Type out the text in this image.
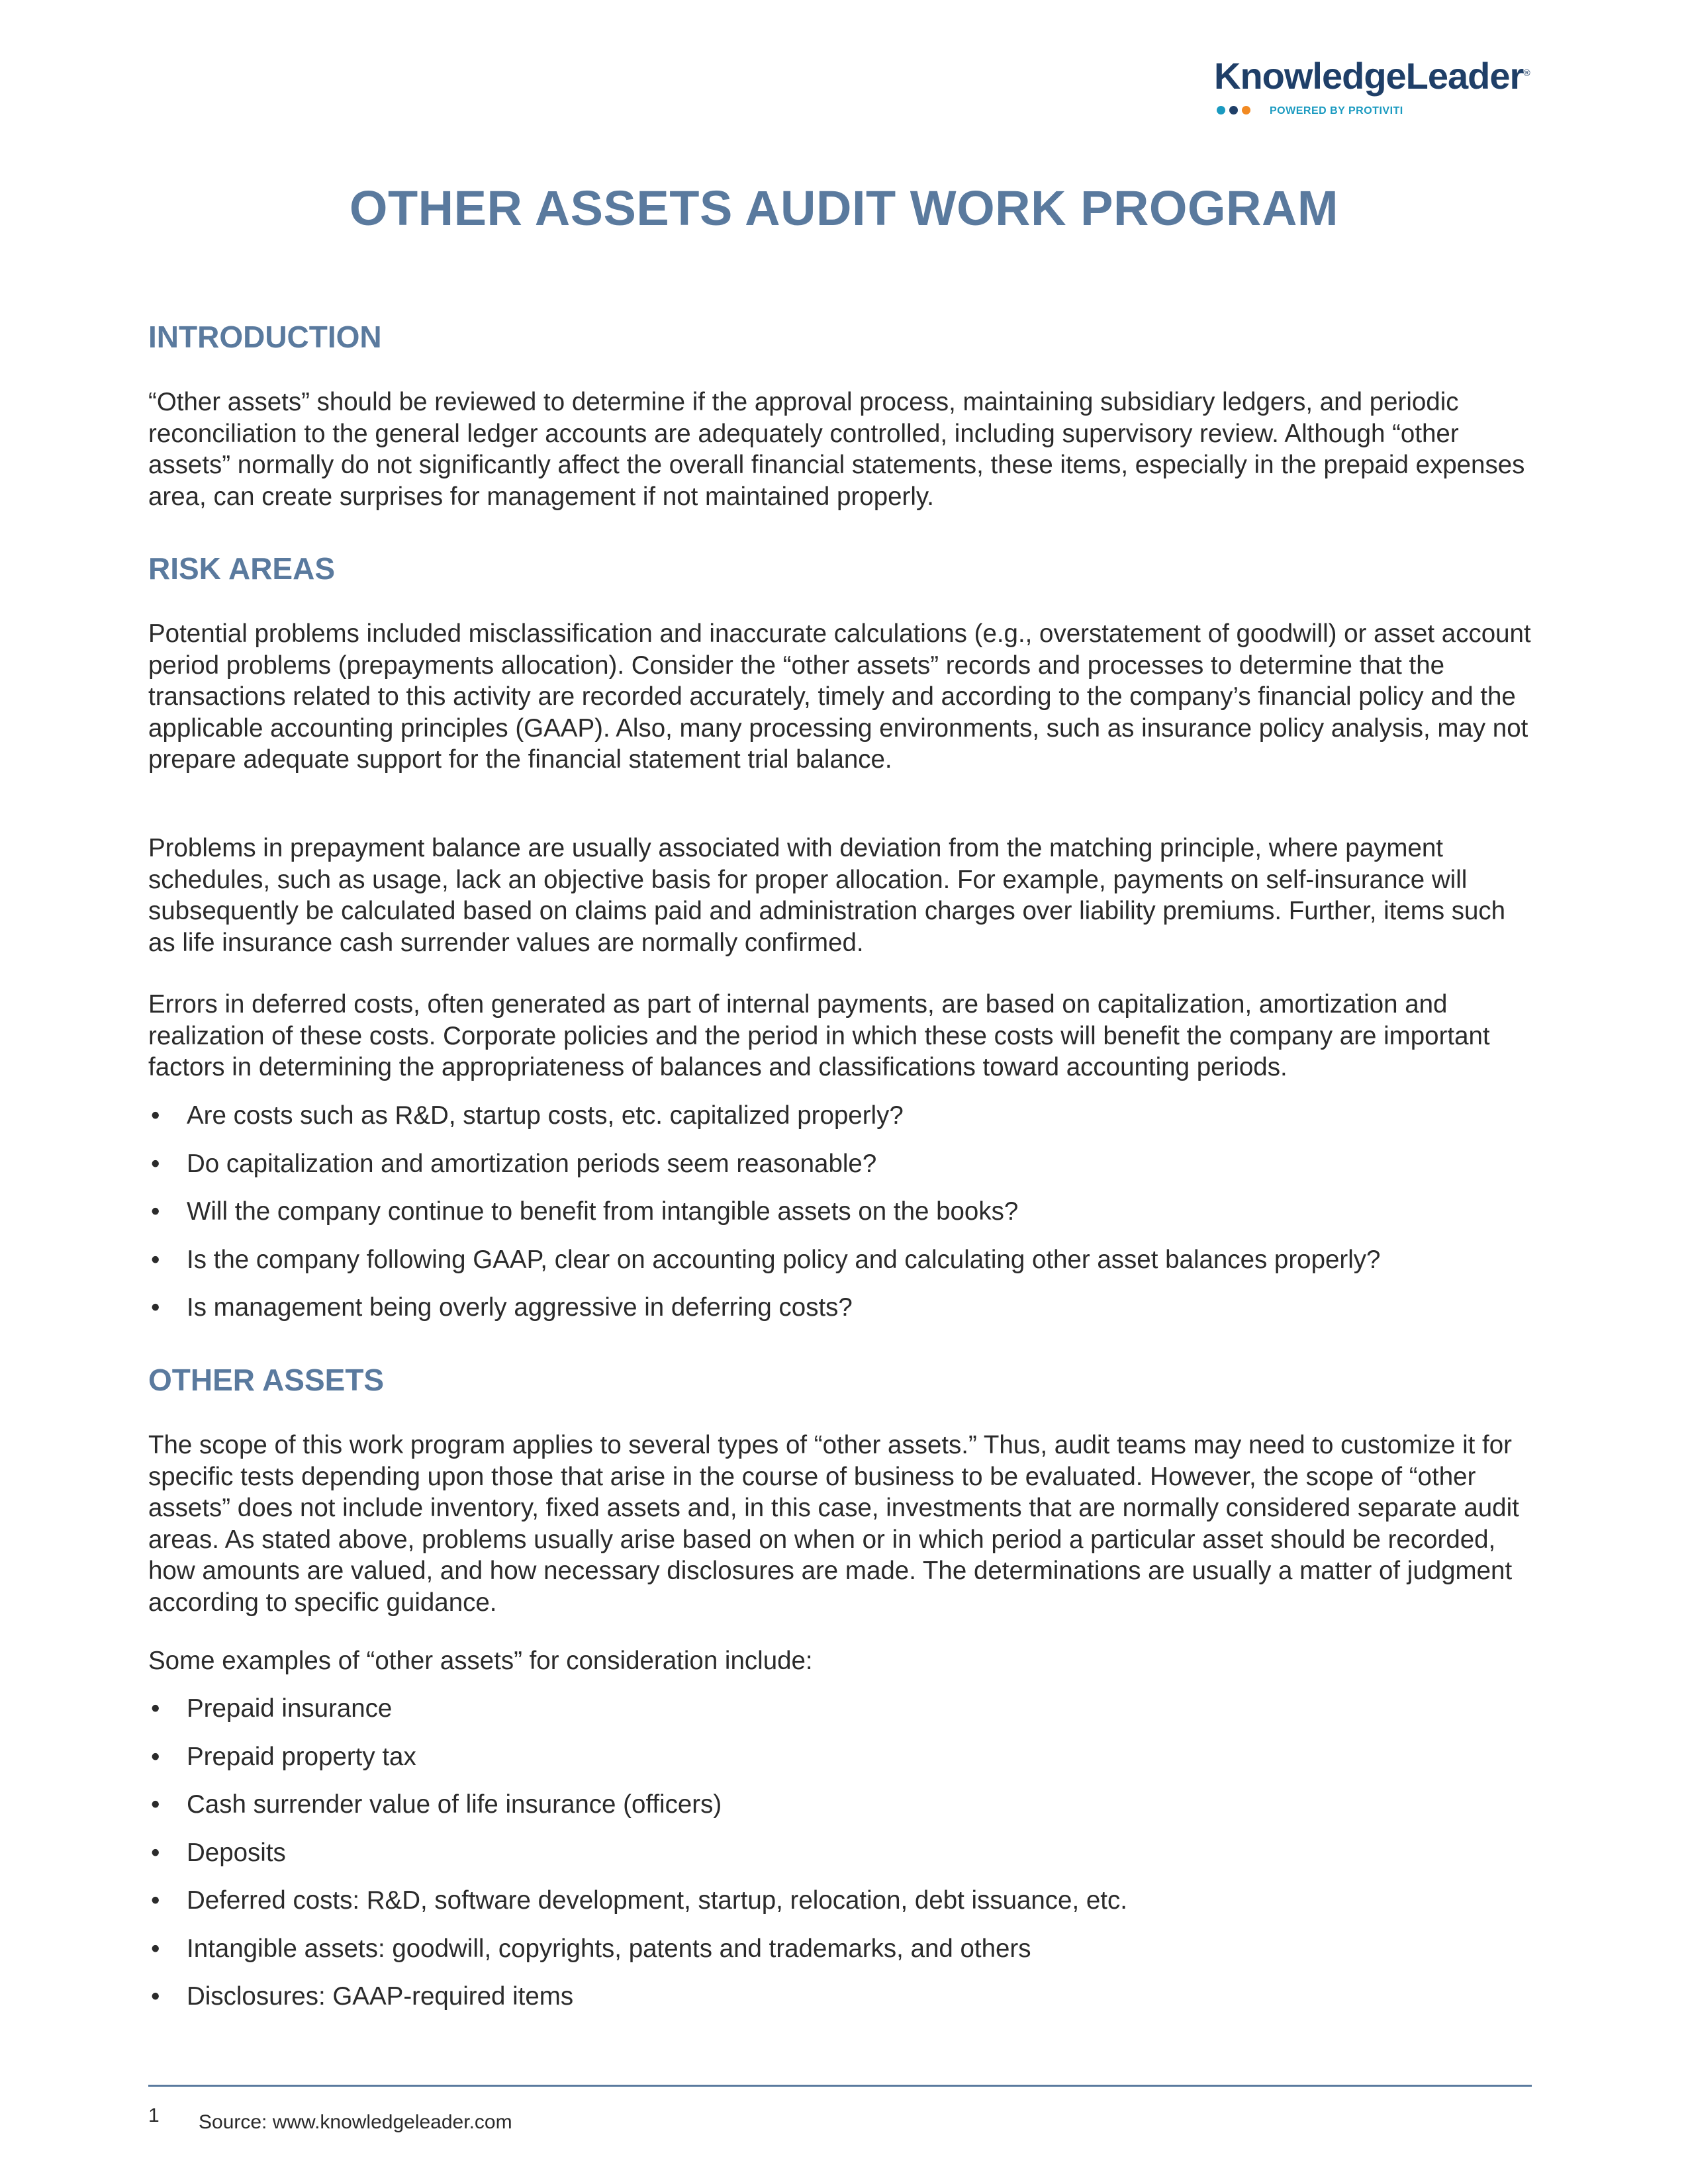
KnowledgeLeader®
POWERED BY PROTIVITI
OTHER ASSETS AUDIT WORK PROGRAM
INTRODUCTION

“Other assets” should be reviewed to determine if the approval process, maintaining subsidiary ledgers, and periodic reconciliation to the general ledger accounts are adequately controlled, including supervisory review. Although “other assets” normally do not significantly affect the overall financial statements, these items, especially in the prepaid expenses area, can create surprises for management if not maintained properly.

RISK AREAS

Potential problems included misclassification and inaccurate calculations (e.g., overstatement of goodwill) or asset account period problems (prepayments allocation). Consider the “other assets” records and processes to determine that the transactions related to this activity are recorded accurately, timely and according to the company’s financial policy and the applicable accounting principles (GAAP). Also, many processing environments, such as insurance policy analysis, may not prepare adequate support for the financial statement trial balance.

Problems in prepayment balance are usually associated with deviation from the matching principle, where payment schedules, such as usage, lack an objective basis for proper allocation. For example, payments on self-insurance will subsequently be calculated based on claims paid and administration charges over liability premiums. Further, items such as life insurance cash surrender values are normally confirmed.

Errors in deferred costs, often generated as part of internal payments, are based on capitalization, amortization and realization of these costs. Corporate policies and the period in which these costs will benefit the company are important factors in determining the appropriateness of balances and classifications toward accounting periods.

• Are costs such as R&D, startup costs, etc. capitalized properly?
• Do capitalization and amortization periods seem reasonable?
• Will the company continue to benefit from intangible assets on the books?
• Is the company following GAAP, clear on accounting policy and calculating other asset balances properly?
• Is management being overly aggressive in deferring costs?
OTHER ASSETS

The scope of this work program applies to several types of “other assets.” Thus, audit teams may need to customize it for specific tests depending upon those that arise in the course of business to be evaluated. However, the scope of “other assets” does not include inventory, fixed assets and, in this case, investments that are normally considered separate audit areas. As stated above, problems usually arise based on when or in which period a particular asset should be recorded, how amounts are valued, and how necessary disclosures are made. The determinations are usually a matter of judgment according to specific guidance.

Some examples of “other assets” for consideration include:

• Prepaid insurance
• Prepaid property tax
• Cash surrender value of life insurance (officers)
• Deposits
• Deferred costs: R&D, software development, startup, relocation, debt issuance, etc.
• Intangible assets: goodwill, copyrights, patents and trademarks, and others
• Disclosures: GAAP-required items
1 Source: www.knowledgeleader.com
